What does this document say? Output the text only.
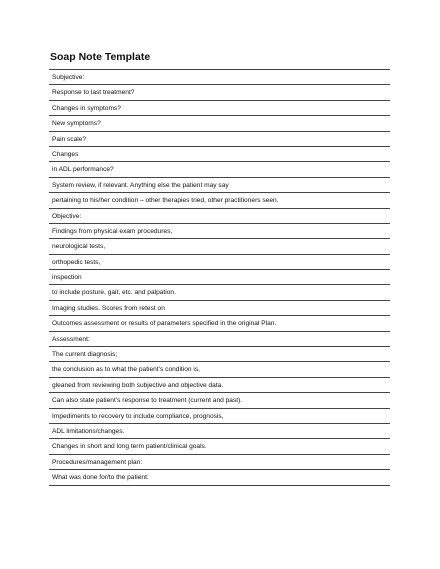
Soap Note Template
Subjective:
Response to last treatment?
Changes in symptoms?
New symptoms?
Pain scale?
Changes
in ADL performance?
System review, if relevant. Anything else the patient may say
pertaining to his/her condition – other therapies tried, other practitioners seen.
Objective:
Findings from physical exam procedures,
neurological tests,
orthopedic tests,
inspection
to include posture, gait, etc. and palpation.
Imaging studies. Scores from retest on
Outcomes assessment or results of parameters specified in the original Plan.
Assessment:
The current diagnosis;
the conclusion as to what the patient’s condition is,
gleaned from reviewing both subjective and objective data.
Can also state patient’s response to treatment (current and past).
Impediments to recovery to include compliance, prognosis,
ADL limitations/changes.
Changes in short and long term patient/clinical goals.
Procedures/management plan:
What was done for/to the patient:
